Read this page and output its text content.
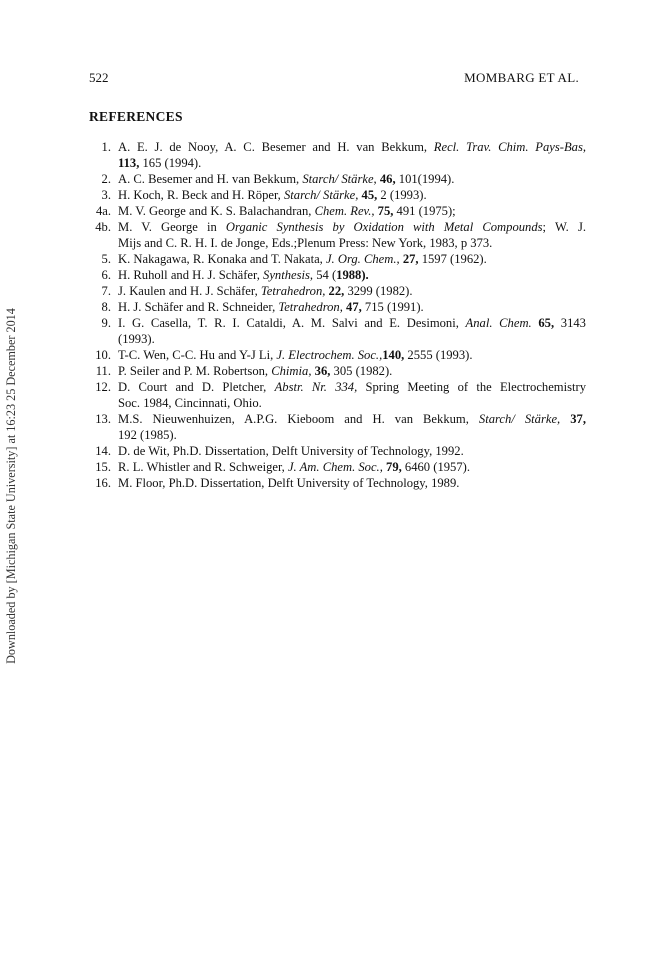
Downloaded by [Michigan State University] at 16:23 25 December 2014
522	MOMBARG ET AL.
REFERENCES
1. A. E. J. de Nooy, A. C. Besemer and H. van Bekkum, Recl. Trav. Chim. Pays-Bas,
113, 165 (1994).
2. A. C. Besemer and H. van Bekkum, Starch/ Stärke, 46, 101(1994).
3. H. Koch, R. Beck and H. Röper, Starch/ Stärke, 45, 2 (1993).
4a. M. V. George and K. S. Balachandran, Chem. Rev., 75, 491 (1975);
4b. M. V. George in Organic Synthesis by Oxidation with Metal Compounds; W. J.
Mijs and C. R. H. I. de Jonge, Eds.;Plenum Press: New York, 1983, p 373.
5. K. Nakagawa, R. Konaka and T. Nakata, J. Org. Chem., 27, 1597 (1962).
6. H. Ruholl and H. J. Schäfer, Synthesis, 54 (1988).
7. J. Kaulen and H. J. Schäfer, Tetrahedron, 22, 3299 (1982).
8. H. J. Schäfer and R. Schneider, Tetrahedron, 47, 715 (1991).
9. I. G. Casella, T. R. I. Cataldi, A. M. Salvi and E. Desimoni, Anal. Chem. 65, 3143
(1993).
10. T-C. Wen, C-C. Hu and Y-J Li, J. Electrochem. Soc.,140, 2555 (1993).
11. P. Seiler and P. M. Robertson, Chimia, 36, 305 (1982).
12. D. Court and D. Pletcher, Abstr. Nr. 334, Spring Meeting of the Electrochemistry
Soc. 1984, Cincinnati, Ohio.
13. M.S. Nieuwenhuizen, A.P.G. Kieboom and H. van Bekkum, Starch/ Stärke, 37,
192 (1985).
14. D. de Wit, Ph.D. Dissertation, Delft University of Technology, 1992.
15. R. L. Whistler and R. Schweiger, J. Am. Chem. Soc., 79, 6460 (1957).
16. M. Floor, Ph.D. Dissertation, Delft University of Technology, 1989.
